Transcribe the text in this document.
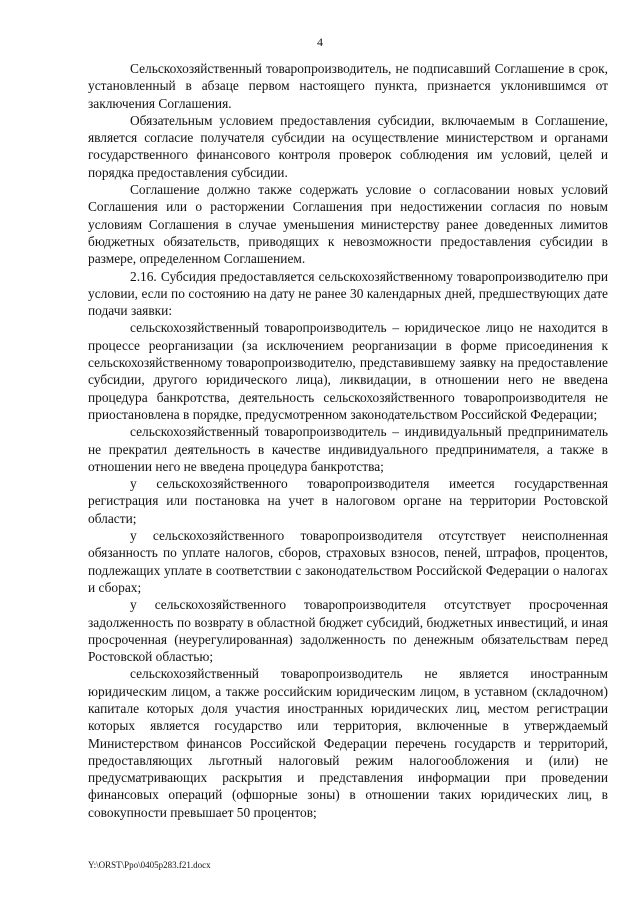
4

Сельскохозяйственный товаропроизводитель, не подписавший Соглашение в срок, установленный в абзаце первом настоящего пункта, признается уклонившимся от заключения Соглашения.

Обязательным условием предоставления субсидии, включаемым в Соглашение, является согласие получателя субсидии на осуществление министерством и органами государственного финансового контроля проверок соблюдения им условий, целей и порядка предоставления субсидии.

Соглашение должно также содержать условие о согласовании новых условий Соглашения или о расторжении Соглашения при недостижении согласия по новым условиям Соглашения в случае уменьшения министерству ранее доведенных лимитов бюджетных обязательств, приводящих к невозможности предоставления субсидии в размере, определенном Соглашением.

2.16. Субсидия предоставляется сельскохозяйственному товаропроизводителю при условии, если по состоянию на дату не ранее 30 календарных дней, предшествующих дате подачи заявки:

сельскохозяйственный товаропроизводитель – юридическое лицо не находится в процессе реорганизации (за исключением реорганизации в форме присоединения к сельскохозяйственному товаропроизводителю, представившему заявку на предоставление субсидии, другого юридического лица), ликвидации, в отношении него не введена процедура банкротства, деятельность сельскохозяйственного товаропроизводителя не приостановлена в порядке, предусмотренном законодательством Российской Федерации;

сельскохозяйственный товаропроизводитель – индивидуальный предприниматель не прекратил деятельность в качестве индивидуального предпринимателя, а также в отношении него не введена процедура банкротства;

у сельскохозяйственного товаропроизводителя имеется государственная регистрация или постановка на учет в налоговом органе на территории Ростовской области;

у сельскохозяйственного товаропроизводителя отсутствует неисполненная обязанность по уплате налогов, сборов, страховых взносов, пеней, штрафов, процентов, подлежащих уплате в соответствии с законодательством Российской Федерации о налогах и сборах;

у сельскохозяйственного товаропроизводителя отсутствует просроченная задолженность по возврату в областной бюджет субсидий, бюджетных инвестиций, и иная просроченная (неурегулированная) задолженность по денежным обязательствам перед Ростовской областью;

сельскохозяйственный товаропроизводитель не является иностранным юридическим лицом, а также российским юридическим лицом, в уставном (складочном) капитале которых доля участия иностранных юридических лиц, местом регистрации которых является государство или территория, включенные в утверждаемый Министерством финансов Российской Федерации перечень государств и территорий, предоставляющих льготный налоговый режим налогообложения и (или) не предусматривающих раскрытия и представления информации при проведении финансовых операций (офшорные зоны) в отношении таких юридических лиц, в совокупности превышает 50 процентов;

Y:\ORST\Ppo\0405p283.f21.docx
